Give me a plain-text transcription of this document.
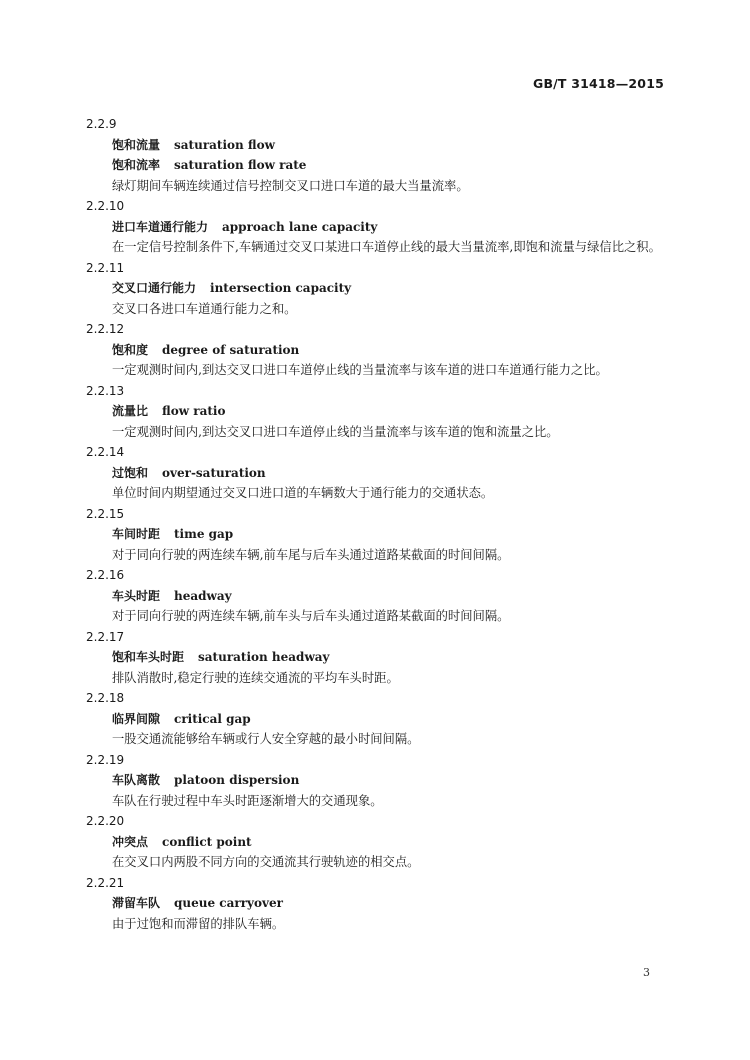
GB/T 31418—2015
2.2.9
饱和流量 saturation flow
饱和流率 saturation flow rate

绿灯期间车辆连续通过信号控制交叉口进口车道的最大当量流率。

2.2.10
进口车道通行能力 approach lane capacity

在一定信号控制条件下,车辆通过交叉口某进口车道停止线的最大当量流率,即饱和流量与绿信比之积。

2.2.11
交叉口通行能力 intersection capacity

交叉口各进口车道通行能力之和。

2.2.12
饱和度 degree of saturation

一定观测时间内,到达交叉口进口车道停止线的当量流率与该车道的进口车道通行能力之比。

2.2.13
流量比 flow ratio

一定观测时间内,到达交叉口进口车道停止线的当量流率与该车道的饱和流量之比。

2.2.14
过饱和 over-saturation

单位时间内期望通过交叉口进口道的车辆数大于通行能力的交通状态。

2.2.15
车间时距 time gap

对于同向行驶的两连续车辆,前车尾与后车头通过道路某截面的时间间隔。

2.2.16
车头时距 headway

对于同向行驶的两连续车辆,前车头与后车头通过道路某截面的时间间隔。

2.2.17
饱和车头时距 saturation headway

排队消散时,稳定行驶的连续交通流的平均车头时距。

2.2.18
临界间隙 critical gap

一股交通流能够给车辆或行人安全穿越的最小时间间隔。

2.2.19
车队离散 platoon dispersion

车队在行驶过程中车头时距逐渐增大的交通现象。

2.2.20
冲突点 conflict point

在交叉口内两股不同方向的交通流其行驶轨迹的相交点。

2.2.21
滞留车队 queue carryover

由于过饱和而滞留的排队车辆。

3
